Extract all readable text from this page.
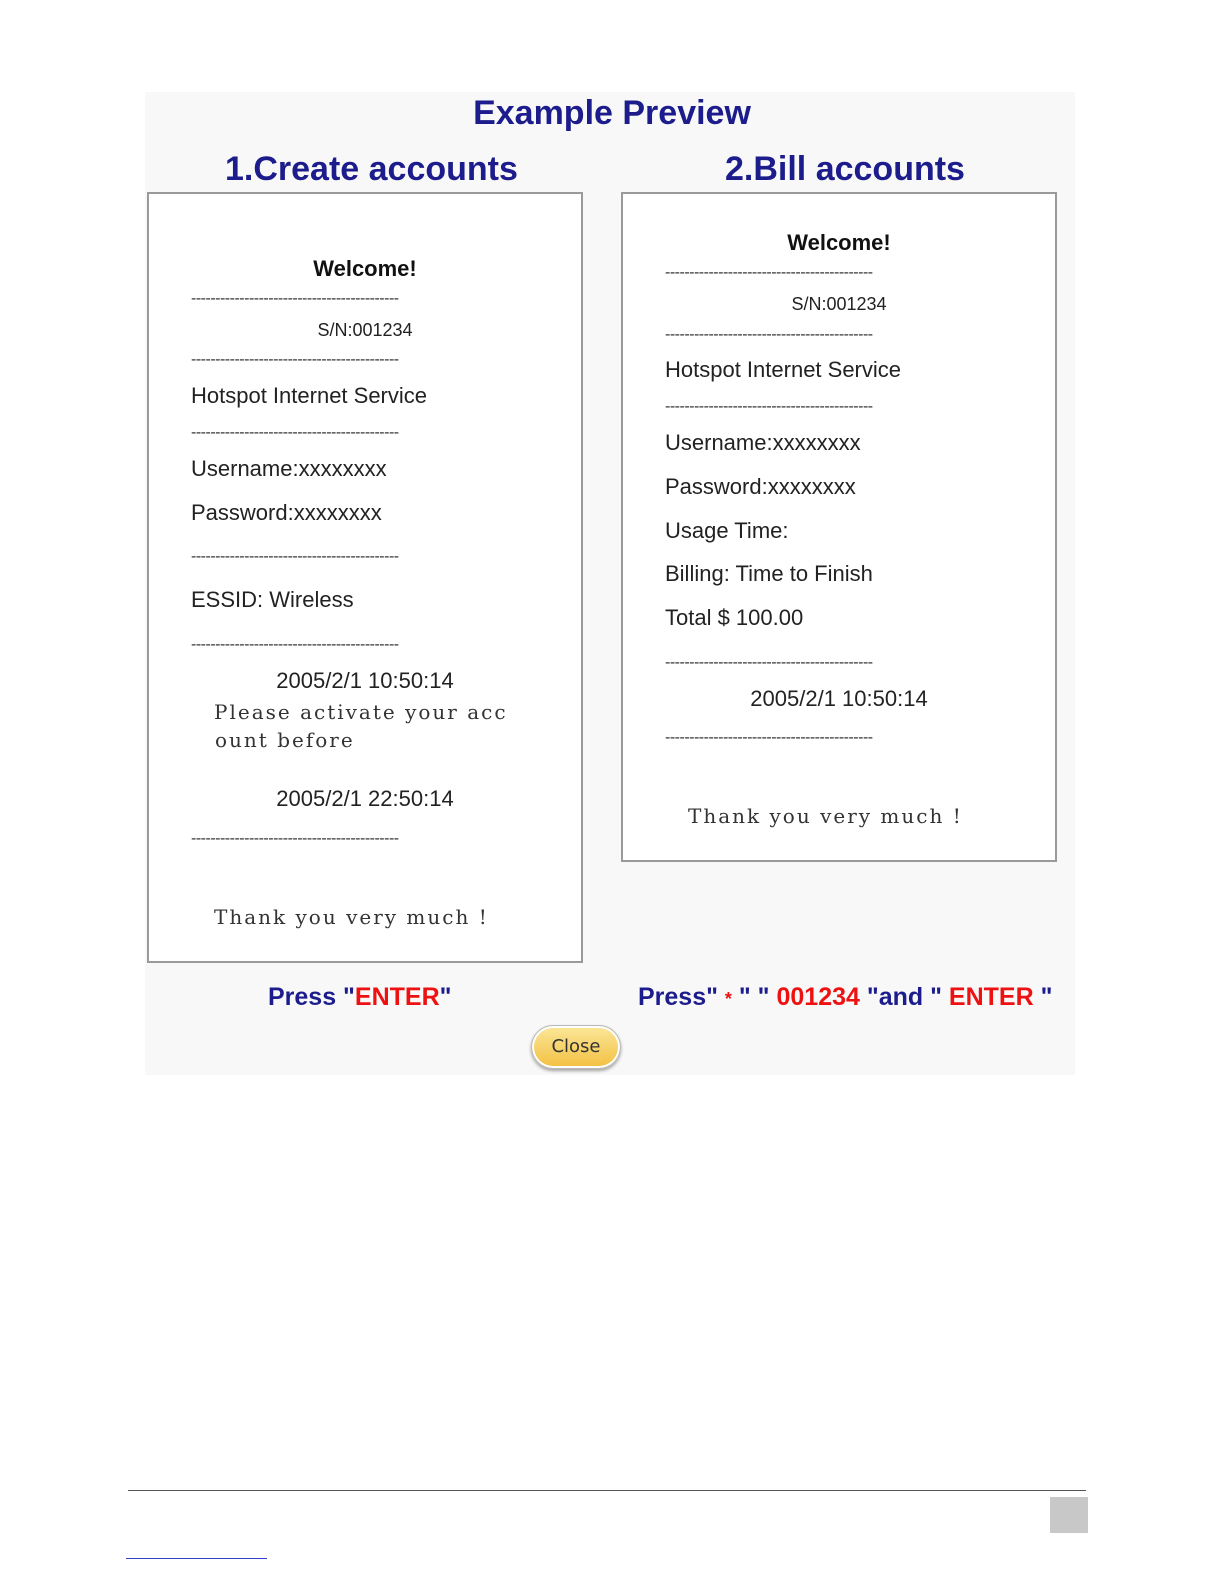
Example Preview
1.Create accounts	2.Bill accounts
Welcome!
-------------------------------------------
S/N:001234
-------------------------------------------
Hotspot Internet Service
-------------------------------------------
Username:xxxxxxxx
Password:xxxxxxxx
-------------------------------------------
ESSID: Wireless
-------------------------------------------
2005/2/1 10:50:14
Please activate your acc
ount before
2005/2/1 22:50:14
-------------------------------------------
Thank you very much !
Welcome!
-------------------------------------------
S/N:001234
-------------------------------------------
Hotspot Internet Service
-------------------------------------------
Username:xxxxxxxx
Password:xxxxxxxx
Usage Time:
Billing: Time to Finish
Total $ 100.00
-------------------------------------------
2005/2/1 10:50:14
-------------------------------------------
Thank you very much !
Press "ENTER"	Press" * " " 001234 "and " ENTER "
Close
